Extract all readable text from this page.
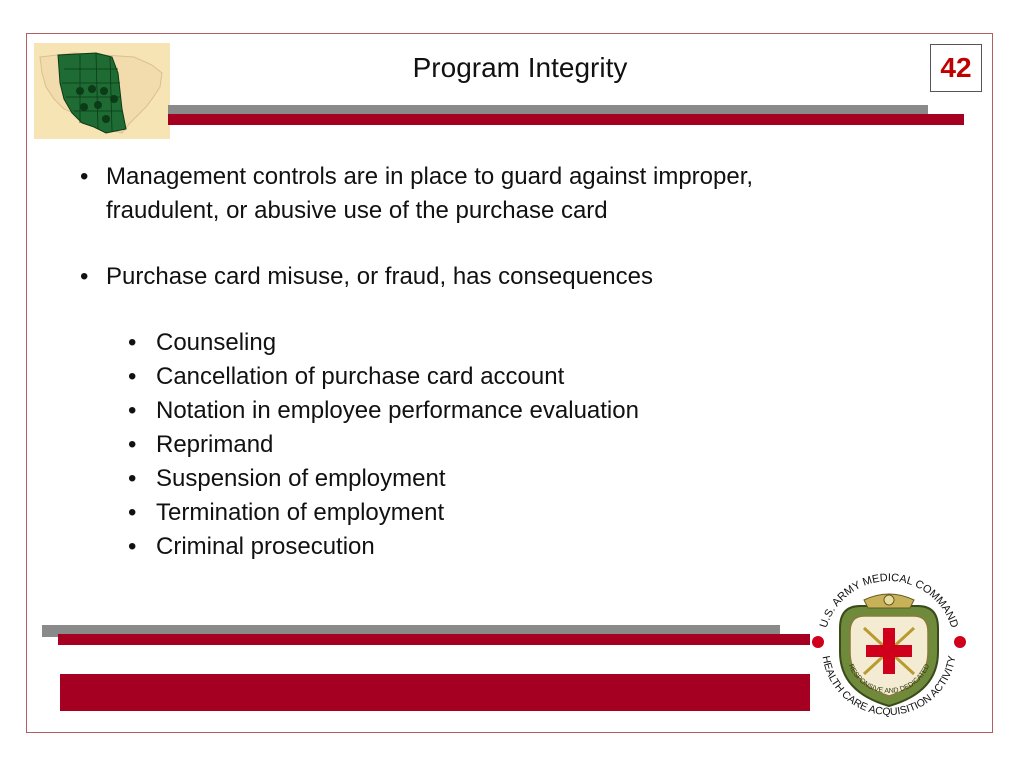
Program Integrity	42
• Management controls are in place to guard against improper,
fraudulent, or abusive use of the purchase card
• Purchase card misuse, or fraud, has consequences
• Counseling
• Cancellation of purchase card account
• Notation in employee performance evaluation
• Reprimand
• Suspension of employment
• Termination of employment
• Criminal prosecution
U.S. ARMY MEDICAL COMMAND
HEALTH CARE ACQUISITION ACTIVITY
RESPONSIVE AND DEDICATED
